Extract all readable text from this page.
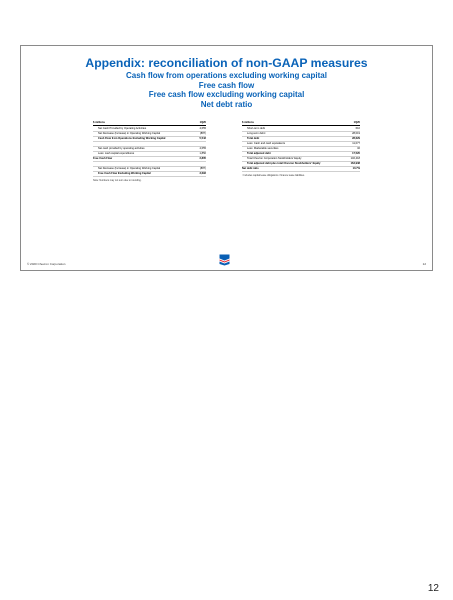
Appendix: reconciliation of non-GAAP measures
Cash flow from operations excluding working capital
Free cash flow
Free cash flow excluding working capital
Net debt ratio
$ millions	1Q20
Net Cash Provided by Operating Activities	4,655
Net Decrease (Increase) in Operating Working Capital	(887)
Cash Flow from Operations Excluding Working Capital	5,542
Net cash provided by operating activities	4,655
Less: cash capital expenditures	1,850
Free Cash Flow	2,805
Net Decrease (Increase) in Operating Working Capital	(887)
Free Cash Flow Excluding Working Capital	3,692
Note: Numbers may not sum due to rounding.
$ millions	1Q20
Short-term debt	610
Long-term debt¹	28,019
Total debt	28,629
Less: Cash and cash equivalents	11,077
Less: Marketable securities	32
Total adjusted debt	17,520
Total Chevron Corporation Stockholders' Equity	146,418
Total adjusted debt plus total Chevron Stockholders' Equity	163,938
Net debt ratio	10.7%
¹ Includes capital lease obligations / finance lease liabilities.
© 2020 Chevron Corporation	12
12
